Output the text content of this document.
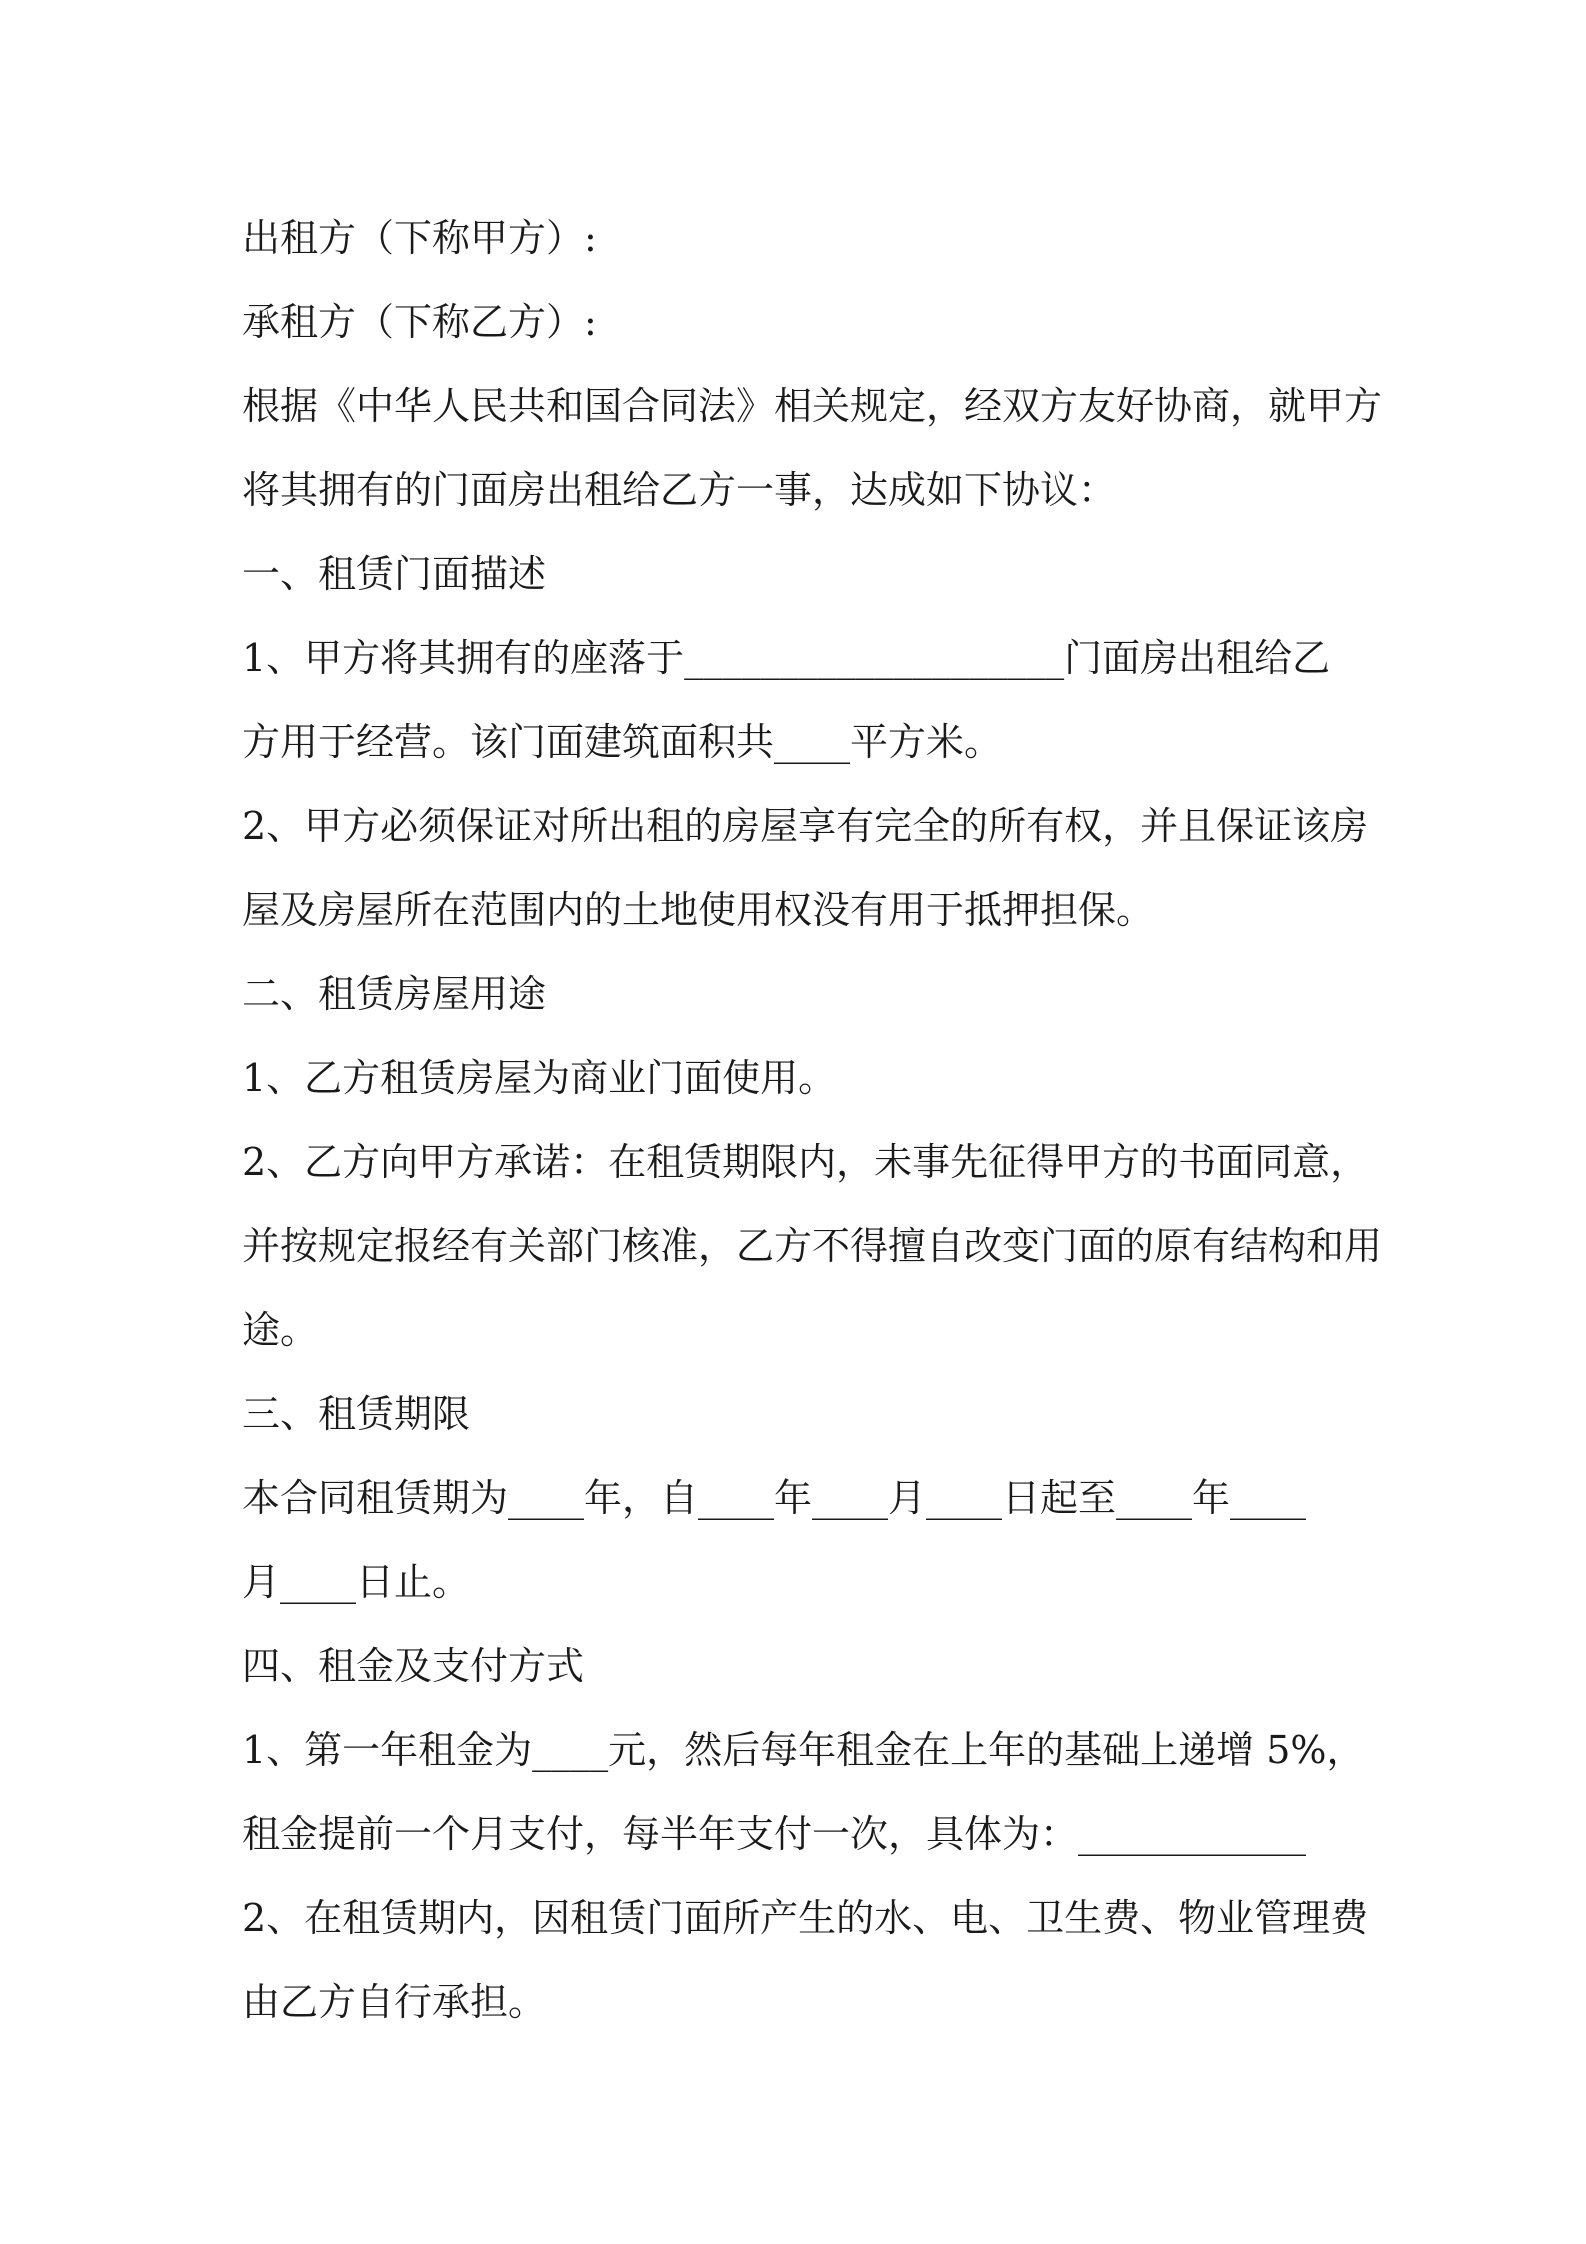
出租方（下称甲方）:
承租方（下称乙方）:
根据《中华人民共和国合同法》相关规定，经双方友好协商，就甲方
将其拥有的门面房出租给乙方一事，达成如下协议：
一、租赁门面描述
1、甲方将其拥有的座落于____________________门面房出租给乙
方用于经营。该门面建筑面积共____平方米。
2、甲方必须保证对所出租的房屋享有完全的所有权，并且保证该房
屋及房屋所在范围内的土地使用权没有用于抵押担保。
二、租赁房屋用途
1、乙方租赁房屋为商业门面使用。
2、乙方向甲方承诺：在租赁期限内，未事先征得甲方的书面同意，
并按规定报经有关部门核准，乙方不得擅自改变门面的原有结构和用
途。
三、租赁期限
本合同租赁期为____年，自____年____月____日起至____年____
月____日止。
四、租金及支付方式
1、第一年租金为____元，然后每年租金在上年的基础上递增 5%，
租金提前一个月支付，每半年支付一次，具体为：____________
2、在租赁期内，因租赁门面所产生的水、电、卫生费、物业管理费
由乙方自行承担。
